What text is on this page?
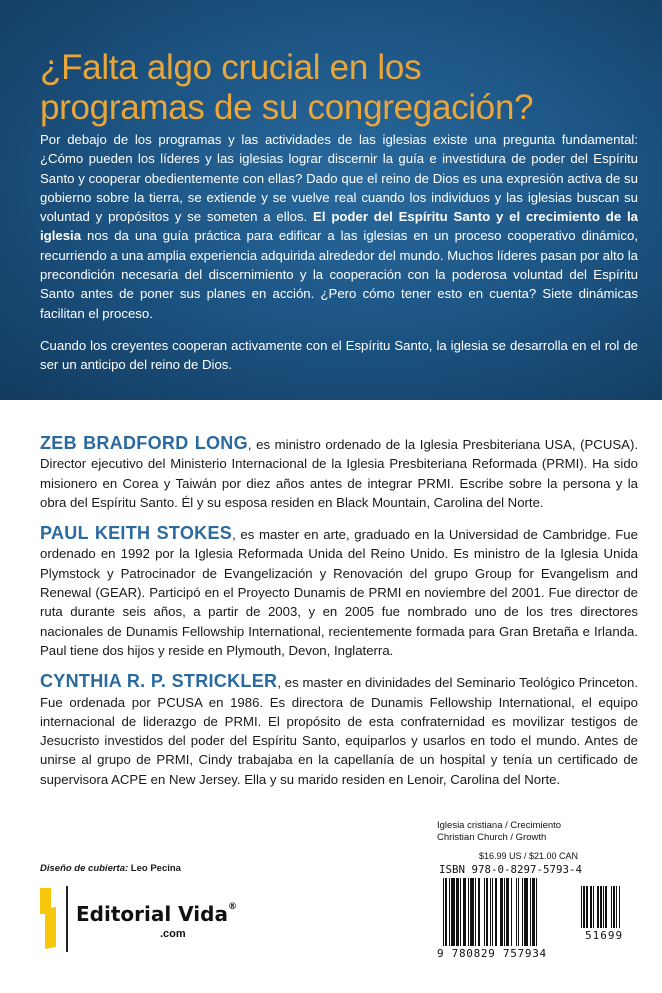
¿Falta algo crucial en los
programas de su congregación?

Por debajo de los programas y las actividades de las iglesias existe una pregunta fundamental: ¿Cómo pueden los líderes y las iglesias lograr discernir la guía e investidura de poder del Espíritu Santo y cooperar obedientemente con ellas? Dado que el reino de Dios es una expresión activa de su gobierno sobre la tierra, se extiende y se vuelve real cuando los individuos y las iglesias buscan su voluntad y propósitos y se someten a ellos. El poder del Espíritu Santo y el crecimiento de la iglesia nos da una guía práctica para edificar a las iglesias en un proceso cooperativo dinámico, recurriendo a una amplia experiencia adquirida alrededor del mundo. Muchos líderes pasan por alto la precondición necesaria del discernimiento y la cooperación con la poderosa voluntad del Espíritu Santo antes de poner sus planes en acción. ¿Pero cómo tener esto en cuenta? Siete dinámicas facilitan el proceso.

Cuando los creyentes cooperan activamente con el Espíritu Santo, la iglesia se desarrolla en el rol de ser un anticipo del reino de Dios.

ZEB BRADFORD LONG, es ministro ordenado de la Iglesia Presbiteriana USA, (PCUSA). Director ejecutivo del Ministerio Internacional de la Iglesia Presbiteriana Reformada (PRMI). Ha sido misionero en Corea y Taiwán por diez años antes de integrar PRMI. Escribe sobre la persona y la obra del Espíritu Santo. Él y su esposa residen en Black Mountain, Carolina del Norte.

PAUL KEITH STOKES, es master en arte, graduado en la Universidad de Cambridge. Fue ordenado en 1992 por la Iglesia Reformada Unida del Reino Unido. Es ministro de la Iglesia Unida Plymstock y Patrocinador de Evangelización y Renovación del grupo Group for Evangelism and Renewal (GEAR). Participó en el Proyecto Dunamis de PRMI en noviembre del 2001. Fue director de ruta durante seis años, a partir de 2003, y en 2005 fue nombrado uno de los tres directores nacionales de Dunamis Fellowship International, recientemente formada para Gran Bretaña e Irlanda. Paul tiene dos hijos y reside en Plymouth, Devon, Inglaterra.

CYNTHIA R. P. STRICKLER, es master en divinidades del Seminario Teológico Princeton. Fue ordenada por PCUSA en 1986. Es directora de Dunamis Fellowship International, el equipo internacional de liderazgo de PRMI. El propósito de esta confraternidad es movilizar testigos de Jesucristo investidos del poder del Espíritu Santo, equiparlos y usarlos en todo el mundo. Antes de unirse al grupo de PRMI, Cindy trabajaba en la capellanía de un hospital y tenía un certificado de supervisora ACPE en New Jersey. Ella y su marido residen en Lenoir, Carolina del Norte.

Diseño de cubierta: Leo Pecina
Editorial Vida®
.com
Iglesia cristiana / Crecimiento
Christian Church / Growth
$16.99 US / $21.00 CAN
ISBN 978-0-8297-5793-4
9 780829 757934
51699
